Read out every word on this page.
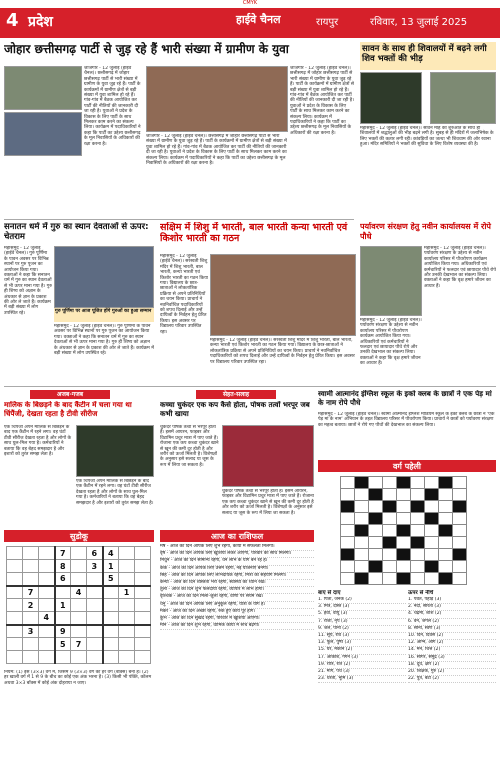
CMYK
4 प्रदेश	हाईवे चैनल	रायपुर	रविवार, 13 जुलाई 2025
जोहार छत्तीसगढ़ पार्टी से जुड़ रहे हैं भारी संख्या में ग्रामीण के युवा
जांजगीर - 12 जुलाई (हाईवे चैनल)। छत्तीसगढ़ में जोहार छत्तीसगढ़ पार्टी से भारी संख्या में ग्रामीण के युवा जुड़ रहे हैं। पार्टी के कार्यक्रमों में ग्रामीण क्षेत्रों से बड़ी संख्या में युवा शामिल हो रहे हैं। गांव-गांव में बैठक आयोजित कर पार्टी की नीतियों की जानकारी दी जा रही है। युवाओं ने प्रदेश के विकास के लिए पार्टी के साथ मिलकर काम करने का संकल्प लिया। कार्यक्रम में पदाधिकारियों ने कहा कि पार्टी का उद्देश्य छत्तीसगढ़ के मूल निवासियों के अधिकारों की रक्षा करना है।
जांजगीर - 12 जुलाई (हाईवे चैनल)। छत्तीसगढ़ में जोहार छत्तीसगढ़ पार्टी से भारी संख्या में ग्रामीण के युवा जुड़ रहे हैं। पार्टी के कार्यक्रमों में ग्रामीण क्षेत्रों से बड़ी संख्या में युवा शामिल हो रहे हैं। गांव-गांव में बैठक आयोजित कर पार्टी की नीतियों की जानकारी दी जा रही है। युवाओं ने प्रदेश के विकास के लिए पार्टी के साथ मिलकर काम करने का संकल्प लिया। कार्यक्रम में पदाधिकारियों ने कहा कि पार्टी का उद्देश्य छत्तीसगढ़ के मूल निवासियों के अधिकारों की रक्षा करना है।
जांजगीर - 12 जुलाई (हाईवे चैनल)। छत्तीसगढ़ में जोहार छत्तीसगढ़ पार्टी से भारी संख्या में ग्रामीण के युवा जुड़ रहे हैं। पार्टी के कार्यक्रमों में ग्रामीण क्षेत्रों से बड़ी संख्या में युवा शामिल हो रहे हैं। गांव-गांव में बैठक आयोजित कर पार्टी की नीतियों की जानकारी दी जा रही है। युवाओं ने प्रदेश के विकास के लिए पार्टी के साथ मिलकर काम करने का संकल्प लिया। कार्यक्रम में पदाधिकारियों ने कहा कि पार्टी का उद्देश्य छत्तीसगढ़ के मूल निवासियों के अधिकारों की रक्षा करना है।
सावन के साथ ही शिवालयों में बढ़ने लगी शिव भक्तों की भीड़
महासमुंद - 12 जुलाई (हाईवे चैनल)। सावन माह की शुरुआत के साथ ही शिवालयों में श्रद्धालुओं की भीड़ बढ़ने लगी है। सुबह से ही मंदिरों में जलाभिषेक के लिए भक्तों की कतार लगी रही। कांवड़ियों का जत्था भी शिवधाम की ओर रवाना हुआ। मंदिर समितियों ने भक्तों की सुविधा के लिए विशेष व्यवस्था की है।
सनातन धर्म में गुरु का स्थान देवताओं से ऊपर: चेतराम
महासमुंद - 12 जुलाई (हाईवे चैनल)। गुरु पूर्णिमा के पावन अवसर पर विभिन्न स्थानों पर गुरु पूजन का आयोजन किया गया। वक्ताओं ने कहा कि सनातन धर्म में गुरु का स्थान देवताओं से भी ऊपर माना गया है। गुरु ही शिष्य को अज्ञान के अंधकार से ज्ञान के प्रकाश की ओर ले जाते हैं। कार्यक्रम में बड़ी संख्या में लोग उपस्थित रहे।	गुरु पूर्णिमा पर आज पूजित होंगे गुरुओं का हुआ सम्मान
महासमुंद - 12 जुलाई (हाईवे चैनल)। गुरु पूर्णिमा के पावन अवसर पर विभिन्न स्थानों पर गुरु पूजन का आयोजन किया गया। वक्ताओं ने कहा कि सनातन धर्म में गुरु का स्थान देवताओं से भी ऊपर माना गया है। गुरु ही शिष्य को अज्ञान के अंधकार से ज्ञान के प्रकाश की ओर ले जाते हैं। कार्यक्रम में बड़ी संख्या में लोग उपस्थित रहे।
सक्षिम में शिशु में भारती, बाल भारती कन्या भारती एवं किशोर भारती का गठन
महासमुंद - 12 जुलाई (हाईवे चैनल)। सरस्वती शिशु मंदिर में शिशु भारती, बाल भारती, कन्या भारती एवं किशोर भारती का गठन किया गया। विद्यालय के छात्र-छात्राओं ने लोकतांत्रिक प्रक्रिया से अपने प्रतिनिधियों का चयन किया। प्राचार्य ने नवनिर्वाचित पदाधिकारियों को शपथ दिलाई और उन्हें दायित्वों के निर्वहन हेतु प्रेरित किया। इस अवसर पर विद्यालय परिवार उपस्थित रहा।
महासमुंद - 12 जुलाई (हाईवे चैनल)। सरस्वती शिशु मंदिर में शिशु भारती, बाल भारती, कन्या भारती एवं किशोर भारती का गठन किया गया। विद्यालय के छात्र-छात्राओं ने लोकतांत्रिक प्रक्रिया से अपने प्रतिनिधियों का चयन किया। प्राचार्य ने नवनिर्वाचित पदाधिकारियों को शपथ दिलाई और उन्हें दायित्वों के निर्वहन हेतु प्रेरित किया। इस अवसर पर विद्यालय परिवार उपस्थित रहा।
पर्यावरण संरक्षण हेतु नवीन कार्यालयस में रोपे पौधे
महासमुंद - 12 जुलाई (हाईवे चैनल)। पर्यावरण संरक्षण के उद्देश्य से नवीन कार्यालय परिसर में पौधरोपण कार्यक्रम आयोजित किया गया। अधिकारियों एवं कर्मचारियों ने फलदार एवं छायादार पौधे रोपे और उनकी देखभाल का संकल्प लिया। वक्ताओं ने कहा कि वृक्ष हमारे जीवन का आधार हैं।
महासमुंद - 12 जुलाई (हाईवे चैनल)। पर्यावरण संरक्षण के उद्देश्य से नवीन कार्यालय परिसर में पौधरोपण कार्यक्रम आयोजित किया गया। अधिकारियों एवं कर्मचारियों ने फलदार एवं छायादार पौधे रोपे और उनकी देखभाल का संकल्प लिया। वक्ताओं ने कहा कि वृक्ष हमारे जीवन का आधार हैं।
अजब-गजब
मालिक के बिछड़ने के बाद कैंटीन में चला गया था चिंपैंजी, देखता रहता है टीवी सीरीज
एक चिंपैंजी अपने मालिक से बिछड़ने के बाद एक कैंटीन में रहने लगा। वह घंटों टीवी सीरीज देखता रहता है और लोगों के साथ घुल-मिल गया है। कर्मचारियों ने बताया कि वह बेहद समझदार है और इशारों को तुरंत समझ लेता है।
एक चिंपैंजी अपने मालिक से बिछड़ने के बाद एक कैंटीन में रहने लगा। वह घंटों टीवी सीरीज देखता रहता है और लोगों के साथ घुल-मिल गया है। कर्मचारियों ने बताया कि वह बेहद समझदार है और इशारों को तुरंत समझ लेता है।
सेहत-सलाह
कच्चा चुकंदर एक कप कैसे होता, पोषक तत्वों भरपूर जब कभी खाया
चुकंदर पोषक तत्वों से भरपूर होता है। इसमें आयरन, फाइबर और विटामिन प्रचुर मात्रा में पाए जाते हैं। रोजाना एक कप कच्चा चुकंदर खाने से खून की कमी दूर होती है और शरीर को ऊर्जा मिलती है। विशेषज्ञों के अनुसार इसे सलाद या जूस के रूप में लिया जा सकता है।
चुकंदर पोषक तत्वों से भरपूर होता है। इसमें आयरन, फाइबर और विटामिन प्रचुर मात्रा में पाए जाते हैं। रोजाना एक कप कच्चा चुकंदर खाने से खून की कमी दूर होती है और शरीर को ऊर्जा मिलती है। विशेषज्ञों के अनुसार इसे सलाद या जूस के रूप में लिया जा सकता है।
स्वामी आत्मानंद इंग्लिश स्कूल के इको क्लब के छात्रों ने एक पेड़ मां के नाम रोपे पौधे
महासमुंद - 12 जुलाई (हाईवे चैनल)। स्वामी आत्मानंद इंग्लिश मीडियम स्कूल के इको क्लब के छात्रों ने 'एक पेड़ मां के नाम' अभियान के तहत विद्यालय परिसर में पौधरोपण किया। प्राचार्य ने छात्रों को पर्यावरण संरक्षण का महत्व बताया। छात्रों ने रोपे गए पौधों की देखभाल का संकल्प लिया।
वर्ग पहेली

बाएं से दाएं
1. पिता, जनक (2)
3. मित्र, दोस्त (3)
5. हवा, वायु (3)
7. राजा, नृप (3)
9. जल, पानी (2)
11. सूर्य, रवि (3)
13. फूल, पुष्प (3)
15. घर, मकान (2)
17. आकाश, गगन (3)
19. रात्रि, रात (2)
21. मार्ग, पथ (3)
23. धरती, भूमि (3)
ऊपर से नीचे
1. पर्वत, पहाड़ (3)
2. नदी, सरिता (3)
4. चंद्रमा, शशि (2)
6. वन, जंगल (2)
8. सोना, स्वर्ण (3)
10. दिन, दिवस (2)
12. अग्नि, आग (2)
14. मन, चित्त (2)
16. सागर, समुद्र (3)
18. दूध, क्षीर (2)
20. शिक्षक, गुरु (2)
22. पुत्र, बेटा (2)
आज का राशिफल
मेष - आज का दिन आपके लिए शुभ रहेगा, कार्यों में सफलता मिलेगी।
वृष - आज का दिन आपके लिए खुशियां लेकर आएगा, परिवार का साथ मिलेगा।
मिथुन - आज का दिन सामान्य रहेगा, धन लाभ के योग बन रहे हैं।
कर्क - आज का दिन आपके लिए उत्तम रहेगा, नई योजनाएं बनेंगी।
सिंह - आज का दिन आपके लिए लाभदायक रहेगा, मित्रों का सहयोग मिलेगा।
कन्या - आज का दिन व्यस्तता भरा रहेगा, स्वास्थ्य का ध्यान रखें।
तुला - आज का दिन शुभ फलदायी रहेगा, व्यापार में लाभ होगा।
वृश्चिक - आज का दिन मिला-जुला रहेगा, वाणी पर संयम रखें।
धनु - आज का दिन आपके लिए अनुकूल रहेगा, यात्रा के योग हैं।
मकर - आज का दिन अच्छा रहेगा, रुके हुए कार्य पूरे होंगे।
कुंभ - आज का दिन सुखद रहेगा, परिवार में खुशियां आएंगी।
मीन - आज का दिन शुभ रहेगा, धार्मिक कार्यों में रुचि बढ़ेगी।
सुडोकू
			7		6	4		
			8		3	1		
			6			5		
	7			4			1	
	2		1					
		4						
	3		9					
			5	7				

नियम: (1) इस (3×3) वर्ग में, जिसमें 9 (3×3) वर्ग का हर वर्ग (बॉक्स) बना है। (2) हर खाली वर्ग में 1 से 9 के बीच का कोई एक अंक भरना है। (3) किसी भी पंक्ति, कॉलम अथवा 3×3 बॉक्स में कोई अंक दोहराया न जाए।
